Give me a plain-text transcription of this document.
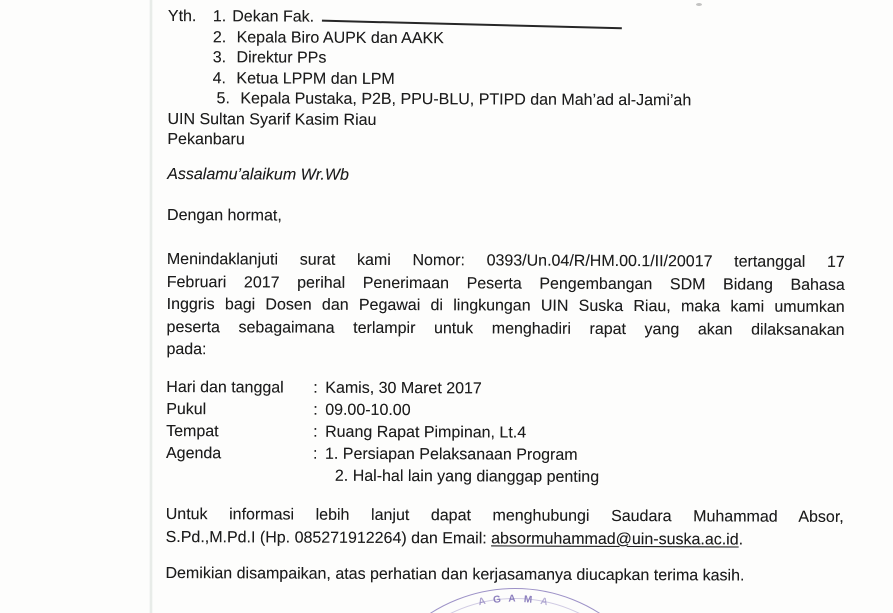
Yth.	1. Dekan Fak.
2. Kepala Biro AUPK dan AAKK
3. Direktur PPs
4. Ketua LPPM dan LPM
5. Kepala Pustaka, P2B, PPU-BLU, PTIPD dan Mah’ad al-Jami’ah
UIN Sultan Syarif Kasim Riau
Pekanbaru
Assalamu’alaikum Wr.Wb
Dengan hormat,
Menindaklanjuti surat kami Nomor: 0393/Un.04/R/HM.00.1/II/20017 tertanggal 17
Februari 2017 perihal Penerimaan Peserta Pengembangan SDM Bidang Bahasa
Inggris bagi Dosen dan Pegawai di lingkungan UIN Suska Riau, maka kami umumkan
peserta sebagaimana terlampir untuk menghadiri rapat yang akan dilaksanakan
pada:
Hari dan tanggal	: Kamis, 30 Maret 2017
Pukul	: 09.00-10.00
Tempat	: Ruang Rapat Pimpinan, Lt.4
Agenda	: 1. Persiapan Pelaksanaan Program
2. Hal-hal lain yang dianggap penting
Untuk informasi lebih lanjut dapat menghubungi Saudara Muhammad Absor,
S.Pd.,M.Pd.I (Hp. 085271912264) dan Email: absormuhammad@uin-suska.ac.id.
Demikian disampaikan, atas perhatian dan kerjasamanya diucapkan terima kasih.
A G A M A
